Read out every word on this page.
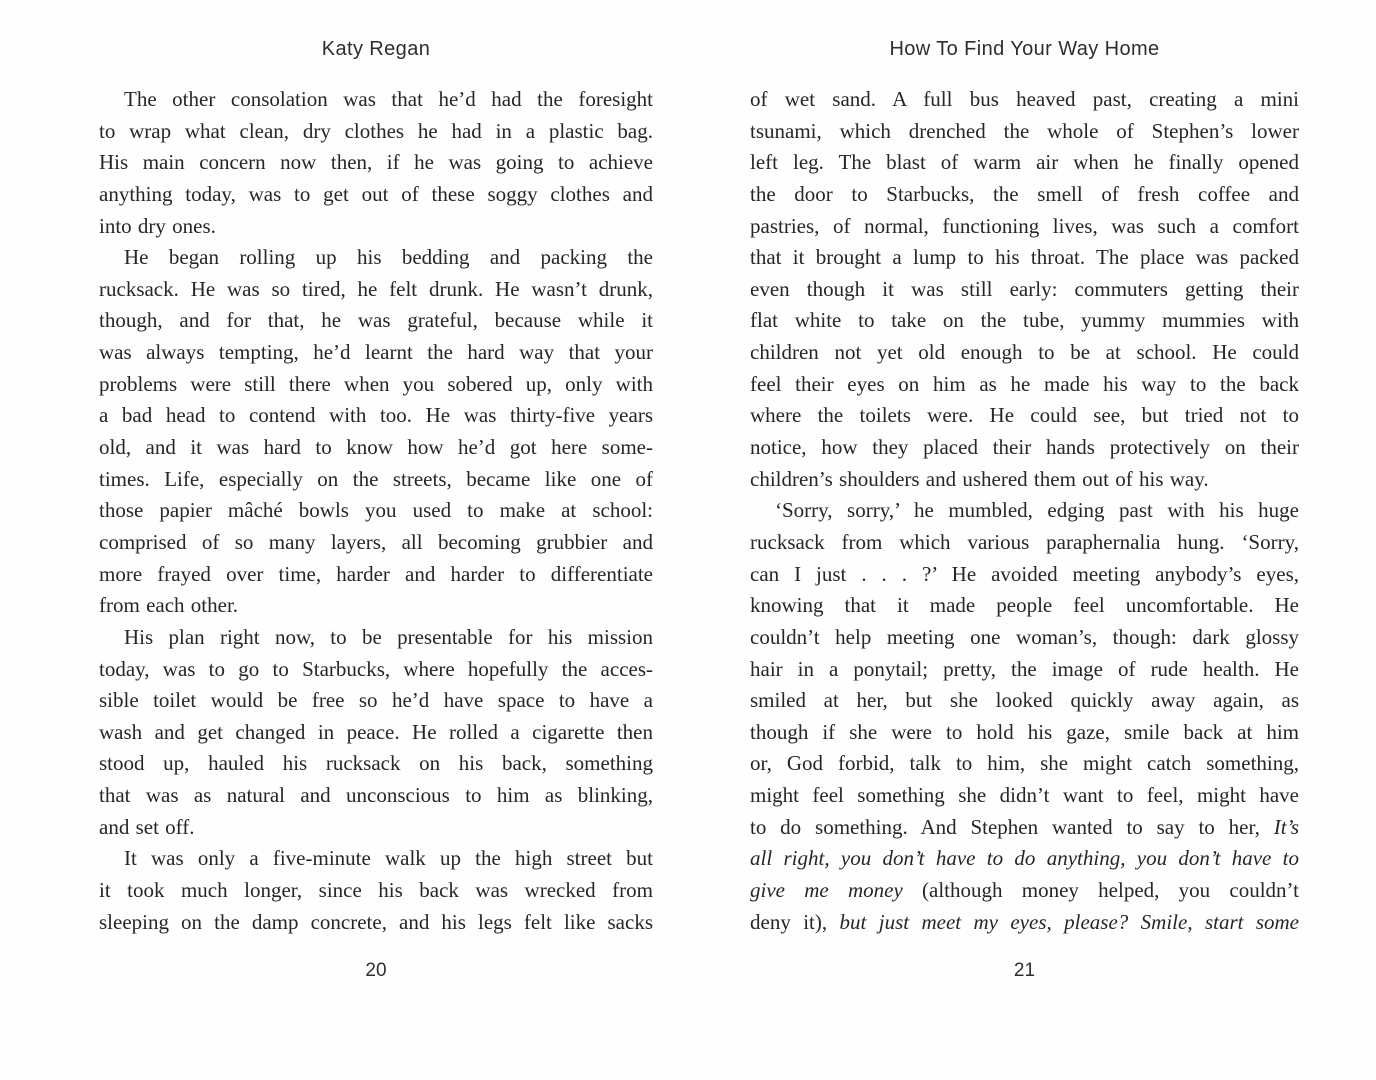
Katy Regan
The other consolation was that he’d had the foresight
to wrap what clean, dry clothes he had in a plastic bag.
His main concern now then, if he was going to achieve
anything today, was to get out of these soggy clothes and
into dry ones.
He began rolling up his bedding and packing the
rucksack. He was so tired, he felt drunk. He wasn’t drunk,
though, and for that, he was grateful, because while it
was always tempting, he’d learnt the hard way that your
problems were still there when you sobered up, only with
a bad head to contend with too. He was thirty-five years
old, and it was hard to know how he’d got here some-
times. Life, especially on the streets, became like one of
those papier mâché bowls you used to make at school:
comprised of so many layers, all becoming grubbier and
more frayed over time, harder and harder to differentiate
from each other.
His plan right now, to be presentable for his mission
today, was to go to Starbucks, where hopefully the acces-
sible toilet would be free so he’d have space to have a
wash and get changed in peace. He rolled a cigarette then
stood up, hauled his rucksack on his back, something
that was as natural and unconscious to him as blinking,
and set off.
It was only a five-minute walk up the high street but
it took much longer, since his back was wrecked from
sleeping on the damp concrete, and his legs felt like sacks
20
How To Find Your Way Home
of wet sand. A full bus heaved past, creating a mini
tsunami, which drenched the whole of Stephen’s lower
left leg. The blast of warm air when he finally opened
the door to Starbucks, the smell of fresh coffee and
pastries, of normal, functioning lives, was such a comfort
that it brought a lump to his throat. The place was packed
even though it was still early: commuters getting their
flat white to take on the tube, yummy mummies with
children not yet old enough to be at school. He could
feel their eyes on him as he made his way to the back
where the toilets were. He could see, but tried not to
notice, how they placed their hands protectively on their
children’s shoulders and ushered them out of his way.
‘Sorry, sorry,’ he mumbled, edging past with his huge
rucksack from which various paraphernalia hung. ‘Sorry,
can I just . . . ?’ He avoided meeting anybody’s eyes,
knowing that it made people feel uncomfortable. He
couldn’t help meeting one woman’s, though: dark glossy
hair in a ponytail; pretty, the image of rude health. He
smiled at her, but she looked quickly away again, as
though if she were to hold his gaze, smile back at him
or, God forbid, talk to him, she might catch something,
might feel something she didn’t want to feel, might have
to do something. And Stephen wanted to say to her, It’s
all right, you don’t have to do anything, you don’t have to
give me money (although money helped, you couldn’t
deny it), but just meet my eyes, please? Smile, start some
21
